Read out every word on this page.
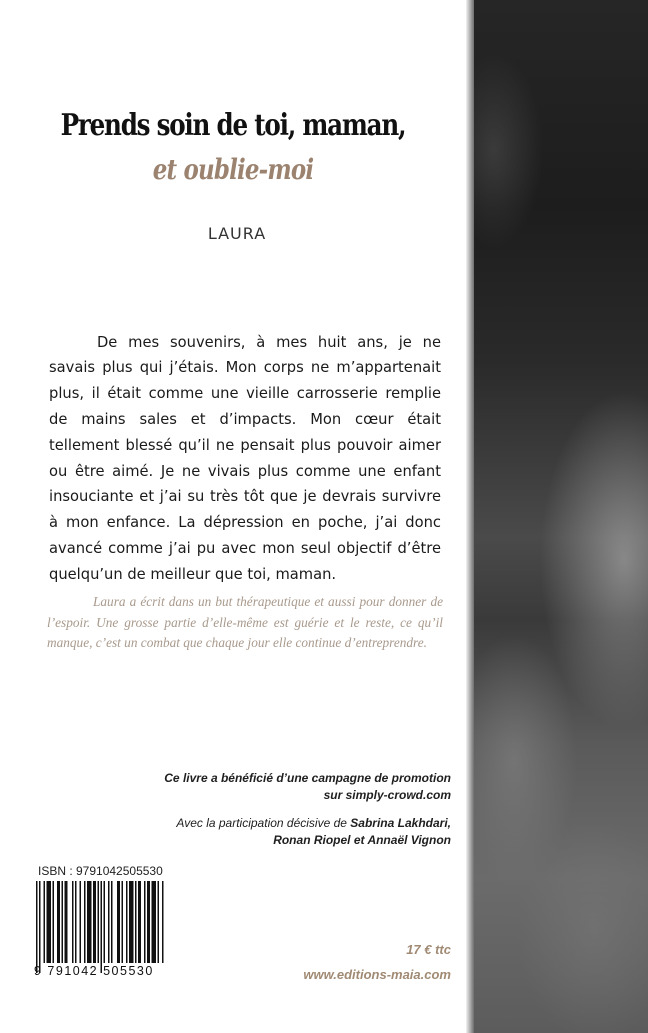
Prends soin de toi, maman,
et oublie-moi
LAURA

De mes souvenirs, à mes huit ans, je ne savais plus qui j’étais. Mon corps ne m’appartenait plus, il était comme une vieille carrosserie remplie de mains sales et d’impacts. Mon cœur était tellement blessé qu’il ne pensait plus pouvoir aimer ou être aimé. Je ne vivais plus comme une enfant insouciante et j’ai su très tôt que je devrais survivre à mon enfance. La dépression en poche, j’ai donc avancé comme j’ai pu avec mon seul objectif d’être quelqu’un de meilleur que toi, maman.

Laura a écrit dans un but thérapeutique et aussi pour donner de l’espoir. Une grosse partie d’elle-même est guérie et le reste, ce qu’il manque, c’est un combat que chaque jour elle continue d’entreprendre.

Ce livre a bénéficié d’une campagne de promotion
sur simply-crowd.com
Avec la participation décisive de Sabrina Lakhdari,
Ronan Riopel et Annaël Vignon
ISBN : 9791042505530
9 791042 505530
17 € ttc
www.editions-maia.com
